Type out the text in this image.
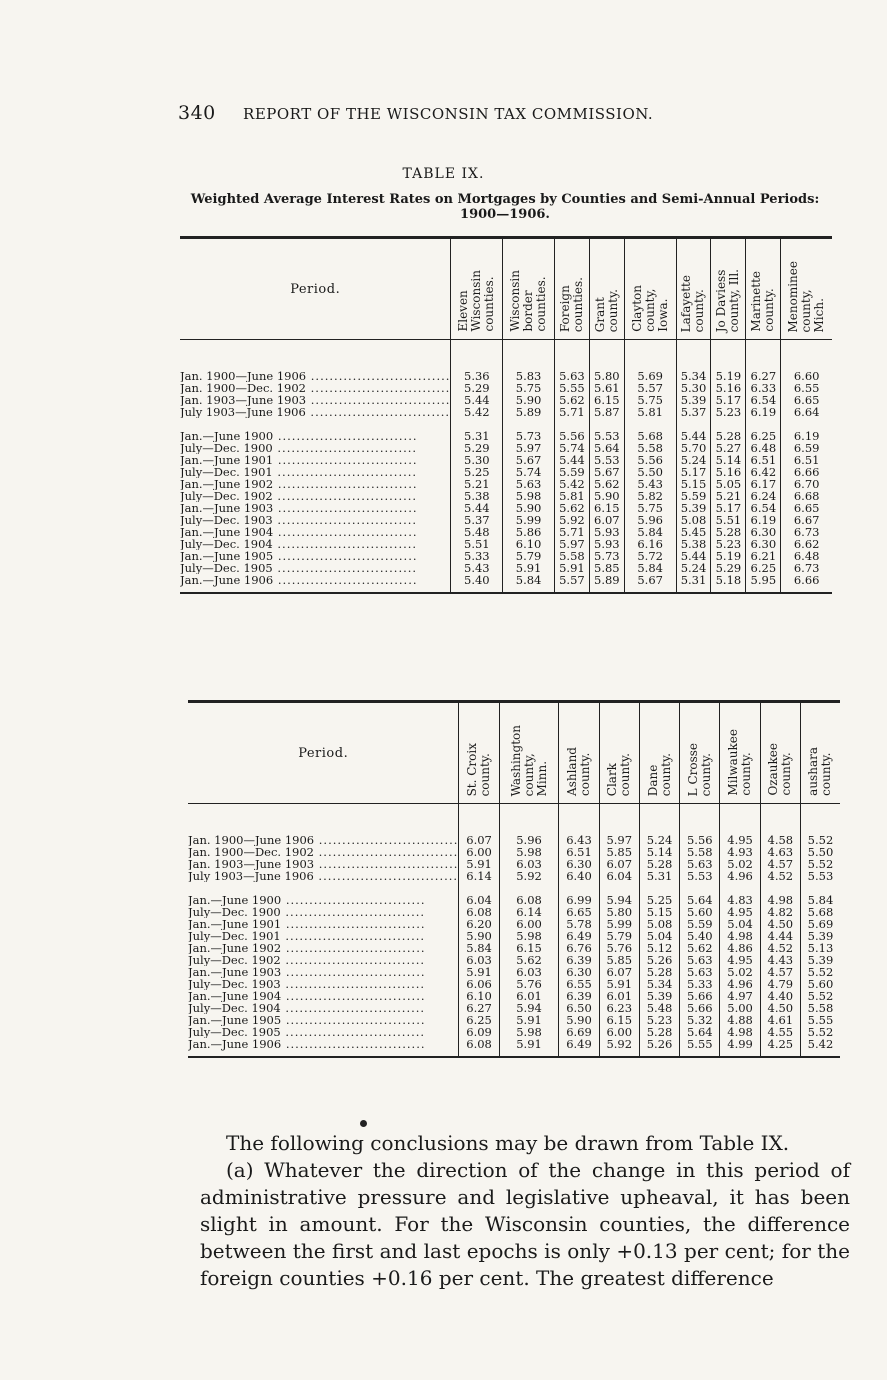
340 REPORT OF THE WISCONSIN TAX COMMISSION.
TABLE IX.
Weighted Average Interest Rates on Mortgages by Counties and Semi-Annual Periods: 1900—1906.
Period.	Eleven
Wisconsin
counties.	Wisconsin
border
counties.	Foreign
counties.	Grant
county.	Clayton
county,
Iowa.	Lafayette
county.	Jo Daviess
county, Ill.	Marinette
county.	Menominee
county,
Mich.

Jan. 1900—June 1906 ..............................	5.36	5.83	5.63	5.80	5.69	5.34	5.19	6.27	6.60
Jan. 1900—Dec. 1902 ..............................	5.29	5.75	5.55	5.61	5.57	5.30	5.16	6.33	6.55
Jan. 1903—June 1903 ..............................	5.44	5.90	5.62	6.15	5.75	5.39	5.17	6.54	6.65
July 1903—June 1906 ..............................	5.42	5.89	5.71	5.87	5.81	5.37	5.23	6.19	6.64

Jan.—June 1900 ..............................	5.31	5.73	5.56	5.53	5.68	5.44	5.28	6.25	6.19
July—Dec. 1900 ..............................	5.29	5.97	5.74	5.64	5.58	5.70	5.27	6.48	6.59
Jan.—June 1901 ..............................	5.30	5.67	5.44	5.53	5.56	5.24	5.14	6.51	6.51
July—Dec. 1901 ..............................	5.25	5.74	5.59	5.67	5.50	5.17	5.16	6.42	6.66
Jan.—June 1902 ..............................	5.21	5.63	5.42	5.62	5.43	5.15	5.05	6.17	6.70
July—Dec. 1902 ..............................	5.38	5.98	5.81	5.90	5.82	5.59	5.21	6.24	6.68
Jan.—June 1903 ..............................	5.44	5.90	5.62	6.15	5.75	5.39	5.17	6.54	6.65
July—Dec. 1903 ..............................	5.37	5.99	5.92	6.07	5.96	5.08	5.51	6.19	6.67
Jan.—June 1904 ..............................	5.48	5.86	5.71	5.93	5.84	5.45	5.28	6.30	6.73
July—Dec. 1904 ..............................	5.51	6.10	5.97	5.93	6.16	5.38	5.23	6.30	6.62
Jan.—June 1905 ..............................	5.33	5.79	5.58	5.73	5.72	5.44	5.19	6.21	6.48
July—Dec. 1905 ..............................	5.43	5.91	5.91	5.85	5.84	5.24	5.29	6.25	6.73
Jan.—June 1906 ..............................	5.40	5.84	5.57	5.89	5.67	5.31	5.18	5.95	6.66
Period.	St. Croix
county.	Washington
county,
Minn.	Ashland
county.	Clark
county.	Dane
county.	L Crosse
county.	Milwaukee
county.	Ozaukee
county.	aushara
county.

Jan. 1900—June 1906 ..............................	6.07	5.96	6.43	5.97	5.24	5.56	4.95	4.58	5.52
Jan. 1900—Dec. 1902 ..............................	6.00	5.98	6.51	5.85	5.14	5.58	4.93	4.63	5.50
Jan. 1903—June 1903 ..............................	5.91	6.03	6.30	6.07	5.28	5.63	5.02	4.57	5.52
July 1903—June 1906 ..............................	6.14	5.92	6.40	6.04	5.31	5.53	4.96	4.52	5.53

Jan.—June 1900 ..............................	6.04	6.08	6.99	5.94	5.25	5.64	4.83	4.98	5.84
July—Dec. 1900 ..............................	6.08	6.14	6.65	5.80	5.15	5.60	4.95	4.82	5.68
Jan.—June 1901 ..............................	6.20	6.00	5.78	5.99	5.08	5.59	5.04	4.50	5.69
July—Dec. 1901 ..............................	5.90	5.98	6.49	5.79	5.04	5.40	4.98	4.44	5.39
Jan.—June 1902 ..............................	5.84	6.15	6.76	5.76	5.12	5.62	4.86	4.52	5.13
July—Dec. 1902 ..............................	6.03	5.62	6.39	5.85	5.26	5.63	4.95	4.43	5.39
Jan.—June 1903 ..............................	5.91	6.03	6.30	6.07	5.28	5.63	5.02	4.57	5.52
July—Dec. 1903 ..............................	6.06	5.76	6.55	5.91	5.34	5.33	4.96	4.79	5.60
Jan.—June 1904 ..............................	6.10	6.01	6.39	6.01	5.39	5.66	4.97	4.40	5.52
July—Dec. 1904 ..............................	6.27	5.94	6.50	6.23	5.48	5.66	5.00	4.50	5.58
Jan.—June 1905 ..............................	6.25	5.91	5.90	6.15	5.23	5.32	4.88	4.61	5.55
July—Dec. 1905 ..............................	6.09	5.98	6.69	6.00	5.28	5.64	4.98	4.55	5.52
Jan.—June 1906 ..............................	6.08	5.91	6.49	5.92	5.26	5.55	4.99	4.25	5.42

The following conclusions may be drawn from Table IX.

(a) Whatever the direction of the change in this period of administrative pressure and legislative upheaval, it has been slight in amount. For the Wisconsin counties, the difference between the first and last epochs is only +0.13 per cent; for the foreign counties +0.16 per cent. The greatest difference
